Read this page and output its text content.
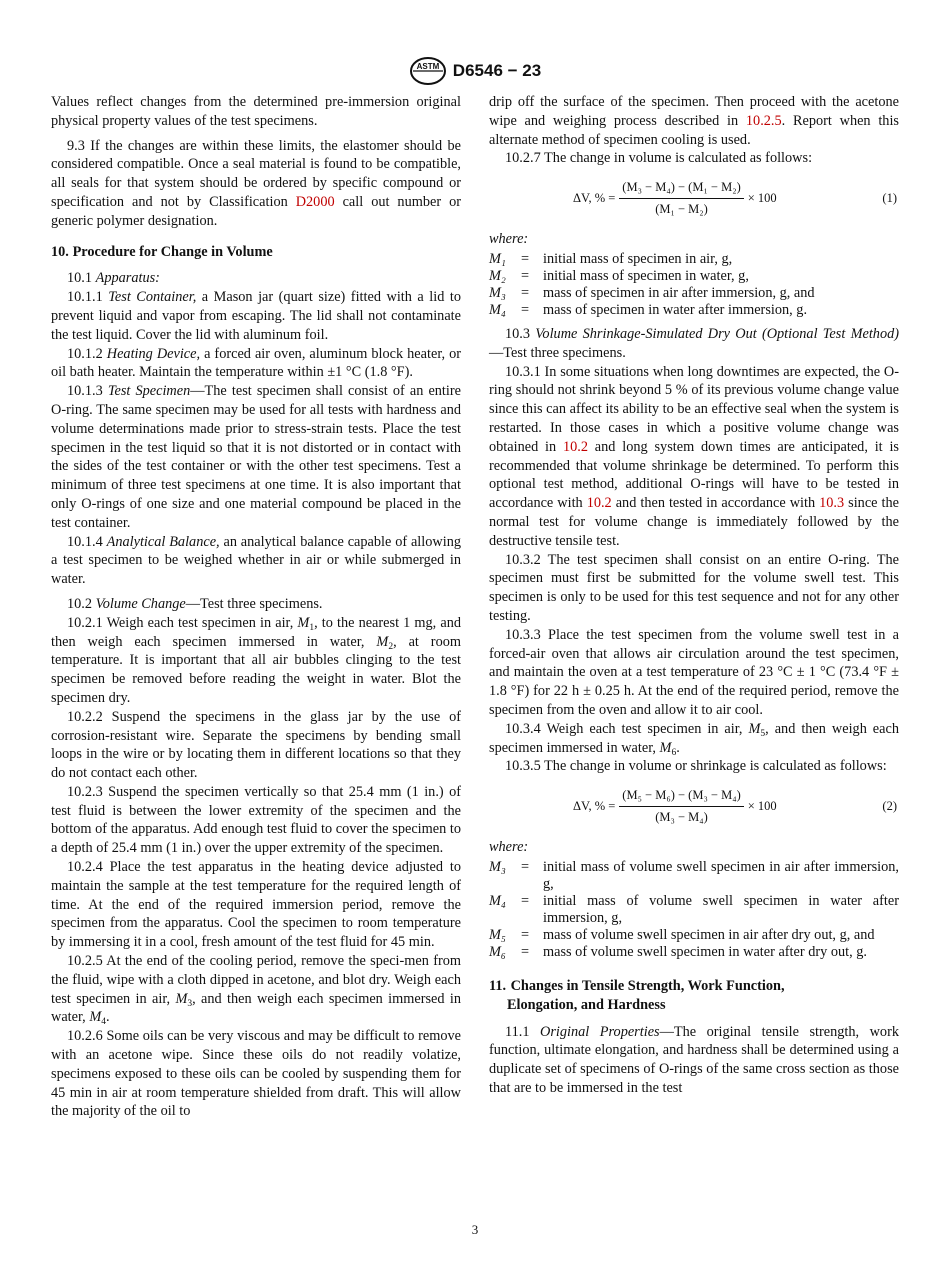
ASTM D6546 − 23

Values reflect changes from the determined pre-immersion original physical property values of the test specimens.

9.3 If the changes are within these limits, the elastomer should be considered compatible. Once a seal material is found to be compatible, all seals for that system should be ordered by specific compound or specification and not by Classification D2000 call out number or generic polymer designation.

10. Procedure for Change in Volume

10.1 Apparatus:

10.1.1 Test Container, a Mason jar (quart size) fitted with a lid to prevent liquid and vapor from escaping. The lid shall not contaminate the test liquid. Cover the lid with aluminum foil.

10.1.2 Heating Device, a forced air oven, aluminum block heater, or oil bath heater. Maintain the temperature within ±1 °C (1.8 °F).

10.1.3 Test Specimen—The test specimen shall consist of an entire O-ring. The same specimen may be used for all tests with hardness and volume determinations made prior to stress-strain tests. Place the test specimen in the test liquid so that it is not distorted or in contact with the sides of the test container or with the other test specimens. Test a minimum of three test specimens at one time. It is also important that only O-rings of one size and one material compound be placed in the test container.

10.1.4 Analytical Balance, an analytical balance capable of allowing a test specimen to be weighed whether in air or while submerged in water.

10.2 Volume Change—Test three specimens.

10.2.1 Weigh each test specimen in air, $M_1$, to the nearest 1 mg, and then weigh each specimen immersed in water, $M_2$, at room temperature. It is important that all air bubbles clinging to the test specimen be removed before reading the weight in water. Blot the specimen dry.

10.2.2 Suspend the specimens in the glass jar by the use of corrosion-resistant wire. Separate the specimens by bending small loops in the wire or by locating them in different locations so that they do not contact each other.

10.2.3 Suspend the specimen vertically so that 25.4 mm (1 in.) of test fluid is between the lower extremity of the specimen and the bottom of the apparatus. Add enough test fluid to cover the specimen to a depth of 25.4 mm (1 in.) over the upper extremity of the specimen.

10.2.4 Place the test apparatus in the heating device adjusted to maintain the sample at the test temperature for the required length of time. At the end of the required immersion period, remove the specimen from the apparatus. Cool the specimen to room temperature by immersing it in a cool, fresh amount of the test fluid for 45 min.

10.2.5 At the end of the cooling period, remove the speci-men from the fluid, wipe with a cloth dipped in acetone, and blot dry. Weigh each test specimen in air, $M_3$, and then weigh each specimen immersed in water, $M_4$.

10.2.6 Some oils can be very viscous and may be difficult to remove with an acetone wipe. Since these oils do not readily volatize, specimens exposed to these oils can be cooled by suspending them for 45 min in air at room temperature shielded from draft. This will allow the majority of the oil to

drip off the surface of the specimen. Then proceed with the acetone wipe and weighing process described in 10.2.5. Report when this alternate method of specimen cooling is used.

10.2.7 The change in volume is calculated as follows:

ΔV, % = $\frac{\text{(M₃ − M₄) − (M₁ − M₂)}}{\text{(M₁ − M₂)}} \times 100$	(1)

where:

M₁	= initial mass of specimen in air, g,
M₂	= initial mass of specimen in water, g,
M₃	= mass of specimen in air after immersion, g, and
M₄	= mass of specimen in water after immersion, g.

10.3 Volume Shrinkage-Simulated Dry Out (Optional Test Method)—Test three specimens.

10.3.1 In some situations when long downtimes are expected, the O-ring should not shrink beyond 5 % of its previous volume change value since this can affect its ability to be an effective seal when the system is restarted. In those cases in which a positive volume change was obtained in 10.2 and long system down times are anticipated, it is recommended that volume shrinkage be determined. To perform this optional test method, additional O-rings will have to be tested in accordance with 10.2 and then tested in accordance with 10.3 since the normal test for volume change is immediately followed by the destructive tensile test.

10.3.2 The test specimen shall consist on an entire O-ring. The specimen must first be submitted for the volume swell test. This specimen is only to be used for this test sequence and not for any other testing.

10.3.3 Place the test specimen from the volume swell test in a forced-air oven that allows air circulation around the test specimen, and maintain the oven at a test temperature of 23 °C ± 1 °C (73.4 °F ± 1.8 °F) for 22 h ± 0.25 h. At the end of the required period, remove the specimen from the oven and allow it to air cool.

10.3.4 Weigh each test specimen in air, $M_5$, and then weigh each specimen immersed in water, $M_6$.

10.3.5 The change in volume or shrinkage is calculated as follows:

ΔV, % = $\frac{\text{(M₅ − M₆) − (M₃ − M₄)}}{\text{(M₃ − M₄)}} \times 100$	(2)

where:

M₃	= initial mass of volume swell specimen in air after immersion, g,
M₄	= initial mass of volume swell specimen in water after immersion, g,
M₅	= mass of volume swell specimen in air after dry out, g, and
M₆	= mass of volume swell specimen in water after dry out, g.
11. Changes in Tensile Strength, Work Function,
Elongation, and Hardness

11.1 Original Properties—The original tensile strength, work function, ultimate elongation, and hardness shall be determined using a duplicate set of specimens of O-rings of the same cross section as those that are to be immersed in the test

3
